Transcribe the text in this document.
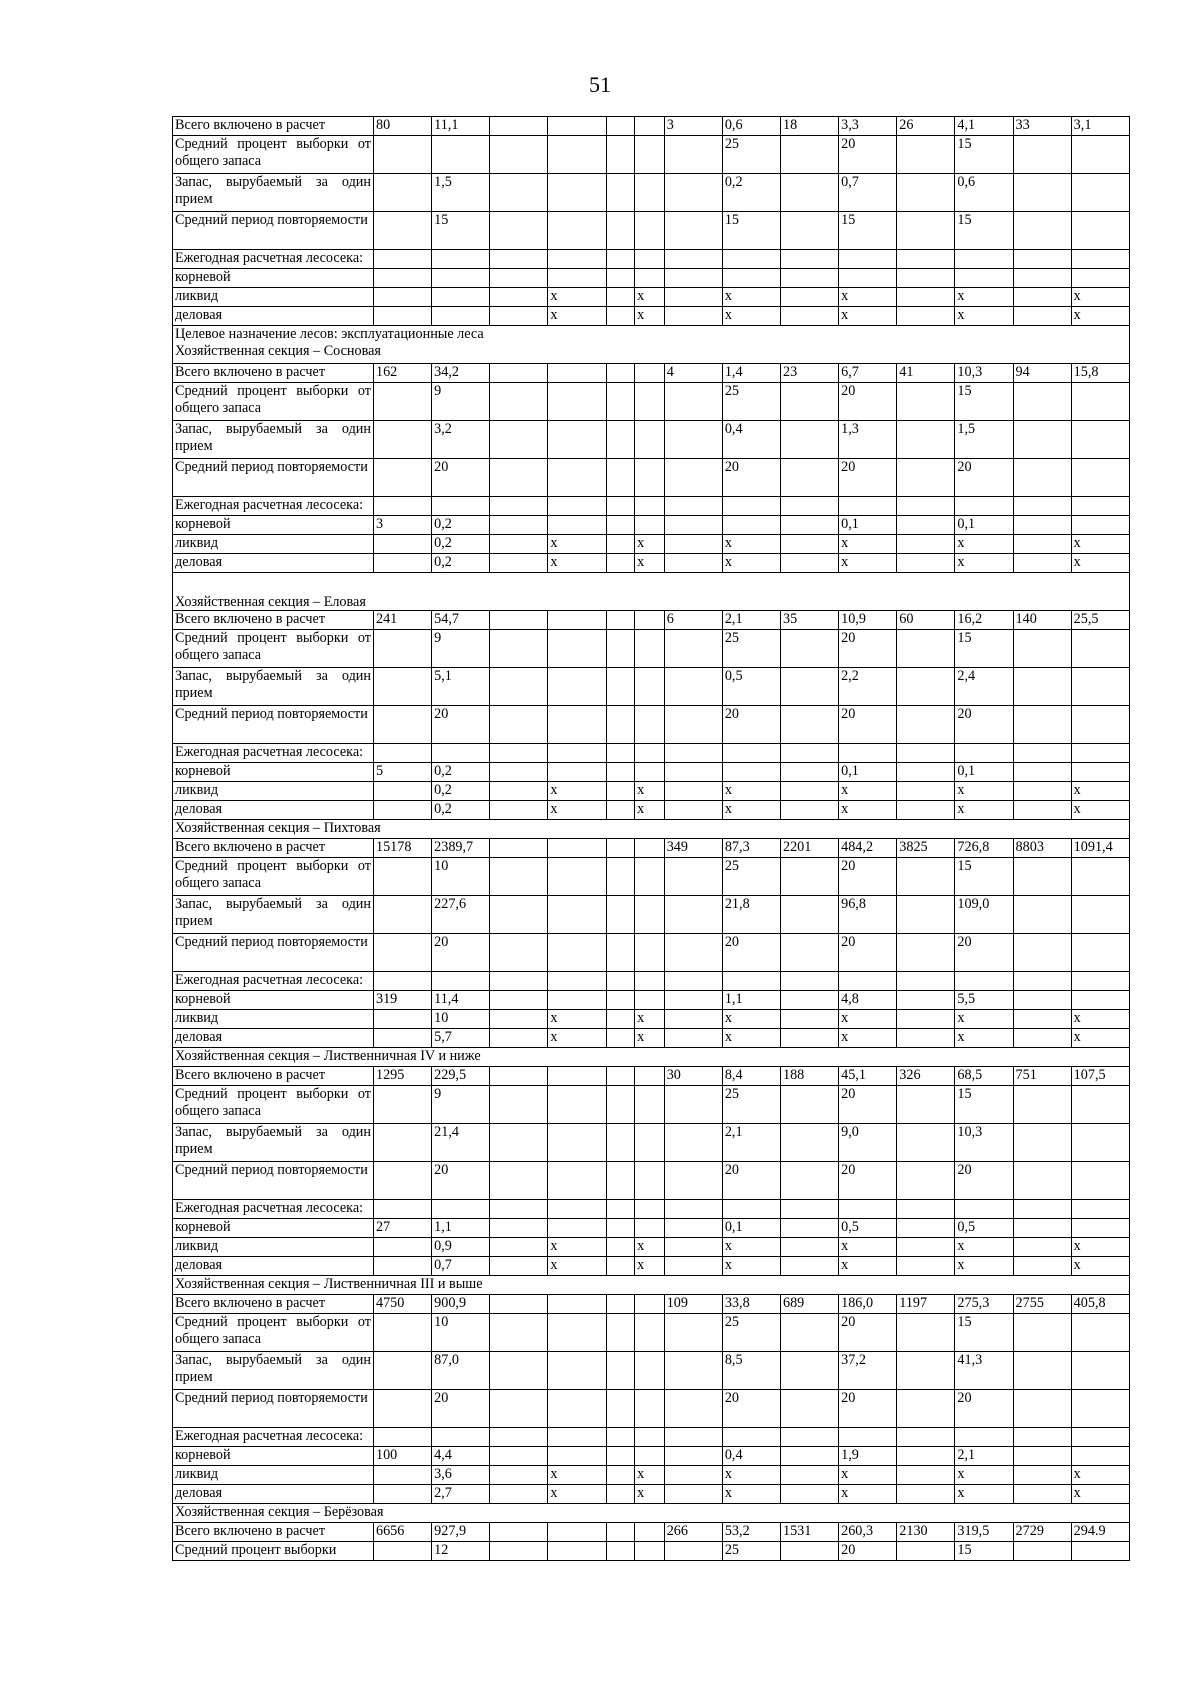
51
Всего включено в расчет	80	11,1					3	0,6	18	3,3	26	4,1	33	3,1
Средний процент выборки от общего запаса								25		20		15		
Запас, вырубаемый за один прием		1,5						0,2		0,7		0,6		
Средний период повторяемости		15						15		15		15		
Ежегодная расчетная лесосека:														
корневой														
ликвид				x		x		x		x		x		x
деловая				x		x		x		x		x		x

Целевое назначение лесов: эксплуатационные леса
Хозяйственная секция – Сосновая														

Всего включено в расчет	162	34,2					4	1,4	23	6,7	41	10,3	94	15,8
Средний процент выборки от общего запаса		9						25		20		15		
Запас, вырубаемый за один прием		3,2						0,4		1,3		1,5		
Средний период повторяемости		20						20		20		20		
Ежегодная расчетная лесосека:														
корневой	3	0,2								0,1		0,1		
ликвид		0,2		x		x		x		x		x		x
деловая		0,2		x		x		x		x		x		x

Хозяйственная секция – Еловая														

Всего включено в расчет	241	54,7					6	2,1	35	10,9	60	16,2	140	25,5
Средний процент выборки от общего запаса		9						25		20		15		
Запас, вырубаемый за один прием		5,1						0,5		2,2		2,4		
Средний период повторяемости		20						20		20		20		
Ежегодная расчетная лесосека:														
корневой	5	0,2								0,1		0,1		
ликвид		0,2		x		x		x		x		x		x
деловая		0,2		x		x		x		x		x		x

Хозяйственная секция – Пихтовая														

Всего включено в расчет	15178	2389,7					349	87,3	2201	484,2	3825	726,8	8803	1091,4
Средний процент выборки от общего запаса		10						25		20		15		
Запас, вырубаемый за один прием		227,6						21,8		96,8		109,0		
Средний период повторяемости		20						20		20		20		
Ежегодная расчетная лесосека:														
корневой	319	11,4						1,1		4,8		5,5		
ликвид		10		x		x		x		x		x		x
деловая		5,7		x		x		x		x		x		x

Хозяйственная секция – Лиственничная IV и ниже														

Всего включено в расчет	1295	229,5					30	8,4	188	45,1	326	68,5	751	107,5
Средний процент выборки от общего запаса		9						25		20		15		
Запас, вырубаемый за один прием		21,4						2,1		9,0		10,3		
Средний период повторяемости		20						20		20		20		
Ежегодная расчетная лесосека:														
корневой	27	1,1						0,1		0,5		0,5		
ликвид		0,9		x		x		x		x		x		x
деловая		0,7		x		x		x		x		x		x

Хозяйственная секция – Лиственничная III и выше														

Всего включено в расчет	4750	900,9					109	33,8	689	186,0	1197	275,3	2755	405,8
Средний процент выборки от общего запаса		10						25		20		15		
Запас, вырубаемый за один прием		87,0						8,5		37,2		41,3		
Средний период повторяемости		20						20		20		20		
Ежегодная расчетная лесосека:														
корневой	100	4,4						0,4		1,9		2,1		
ликвид		3,6		x		x		x		x		x		x
деловая		2,7		x		x		x		x		x		x

Хозяйственная секция – Берёзовая														

Всего включено в расчет	6656	927,9					266	53,2	1531	260,3	2130	319,5	2729	294.9
Средний процент выборки		12						25		20		15		
